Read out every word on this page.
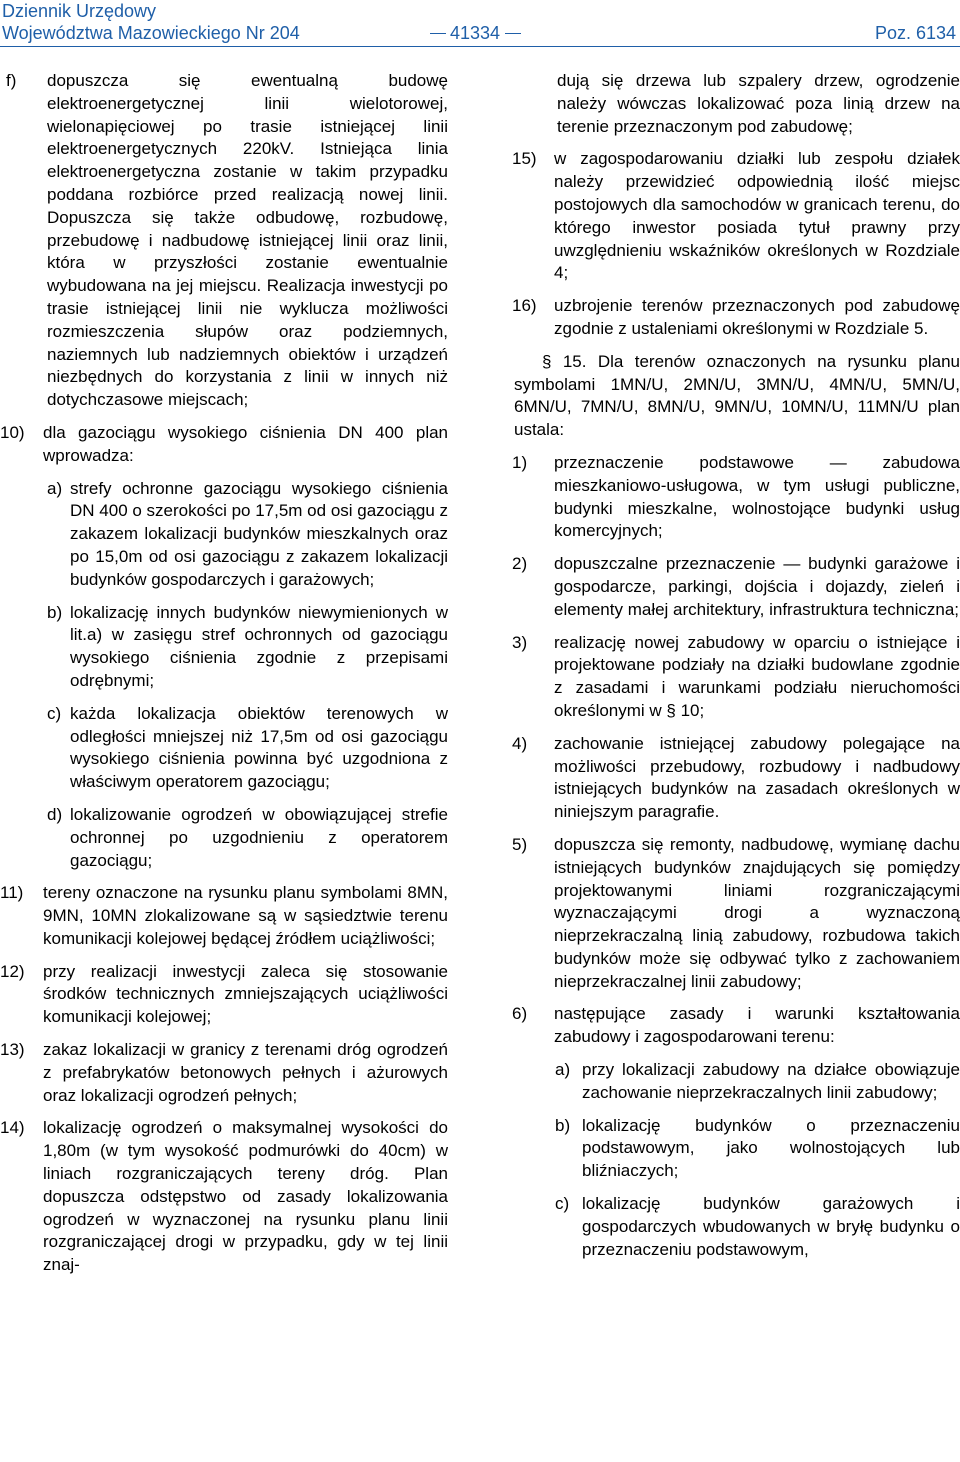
Dziennik Urzędowy
Województwa Mazowieckiego Nr 204	41334	Poz. 6134
f) dopuszcza się ewentualną budowę elektroenergetycznej linii wielotorowej, wielonapięciowej po trasie istniejącej linii elektroenergetycznych 220kV. Istniejąca linia elektroenergetyczna zostanie w takim przypadku poddana rozbiórce przed realizacją nowej linii. Dopuszcza się także odbudowę, rozbudowę, przebudowę i nadbudowę istniejącej linii oraz linii, która w przyszłości zostanie ewentualnie wybudowana na jej miejscu. Realizacja inwestycji po trasie istniejącej linii nie wyklucza możliwości rozmieszczenia słupów oraz podziemnych, naziemnych lub nadziemnych obiektów i urządzeń niezbędnych do korzystania z linii w innych niż dotychczasowe miejscach;
10) dla gazociągu wysokiego ciśnienia DN 400 plan wprowadza:
a) strefy ochronne gazociągu wysokiego ciśnienia DN 400 o szerokości po 17,5m od osi gazociągu z zakazem lokalizacji budynków mieszkalnych oraz po 15,0m od osi gazociągu z zakazem lokalizacji budynków gospodarczych i garażowych;
b) lokalizację innych budynków niewymienionych w lit.a) w zasięgu stref ochronnych od gazociągu wysokiego ciśnienia zgodnie z przepisami odrębnymi;
c) każda lokalizacja obiektów terenowych w odległości mniejszej niż 17,5m od osi gazociągu wysokiego ciśnienia powinna być uzgodniona z właściwym operatorem gazociągu;
d) lokalizowanie ogrodzeń w obowiązującej strefie ochronnej po uzgodnieniu z operatorem gazociągu;
11) tereny oznaczone na rysunku planu symbolami 8MN, 9MN, 10MN zlokalizowane są w sąsiedztwie terenu komunikacji kolejowej będącej źródłem uciążliwości;
12) przy realizacji inwestycji zaleca się stosowanie środków technicznych zmniejszających uciążliwości komunikacji kolejowej;
13) zakaz lokalizacji w granicy z terenami dróg ogrodzeń z prefabrykatów betonowych pełnych i ażurowych oraz lokalizacji ogrodzeń pełnych;
14) lokalizację ogrodzeń o maksymalnej wysokości do 1,80m (w tym wysokość podmurówki do 40cm) w liniach rozgraniczających tereny dróg. Plan dopuszcza odstępstwo od zasady lokalizowania ogrodzeń w wyznaczonej na rysunku planu linii rozgraniczającej drogi w przypadku, gdy w tej linii znaj-
dują się drzewa lub szpalery drzew, ogrodzenie należy wówczas lokalizować poza linią drzew na terenie przeznaczonym pod zabudowę;
15) w zagospodarowaniu działki lub zespołu działek należy przewidzieć odpowiednią ilość miejsc postojowych dla samochodów w granicach terenu, do którego inwestor posiada tytuł prawny przy uwzględnieniu wskaźników określonych w Rozdziale 4;
16) uzbrojenie terenów przeznaczonych pod zabudowę zgodnie z ustaleniami określonymi w Rozdziale 5.
§ 15. Dla terenów oznaczonych na rysunku planu symbolami 1MN/U, 2MN/U, 3MN/U, 4MN/U, 5MN/U, 6MN/U, 7MN/U, 8MN/U, 9MN/U, 10MN/U, 11MN/U plan ustala:
1) przeznaczenie podstawowe — zabudowa mieszkaniowo-usługowa, w tym usługi publiczne, budynki mieszkalne, wolnostojące budynki usług komercyjnych;
2) dopuszczalne przeznaczenie — budynki garażowe i gospodarcze, parkingi, dojścia i dojazdy, zieleń i elementy małej architektury, infrastruktura techniczna;
3) realizację nowej zabudowy w oparciu o istniejące i projektowane podziały na działki budowlane zgodnie z zasadami i warunkami podziału nieruchomości określonymi w § 10;
4) zachowanie istniejącej zabudowy polegające na możliwości przebudowy, rozbudowy i nadbudowy istniejących budynków na zasadach określonych w niniejszym paragrafie.
5) dopuszcza się remonty, nadbudowę, wymianę dachu istniejących budynków znajdujących się pomiędzy projektowanymi liniami rozgraniczającymi wyznaczającymi drogi a wyznaczoną nieprzekraczalną linią zabudowy, rozbudowa takich budynków może się odbywać tylko z zachowaniem nieprzekraczalnej linii zabudowy;
6) następujące zasady i warunki kształtowania zabudowy i zagospodarowani terenu:
a) przy lokalizacji zabudowy na działce obowiązuje zachowanie nieprzekraczalnych linii zabudowy;
b) lokalizację budynków o przeznaczeniu podstawowym, jako wolnostojących lub bliźniaczych;
c) lokalizację budynków garażowych i gospodarczych wbudowanych w bryłę budynku o przeznaczeniu podstawowym,
